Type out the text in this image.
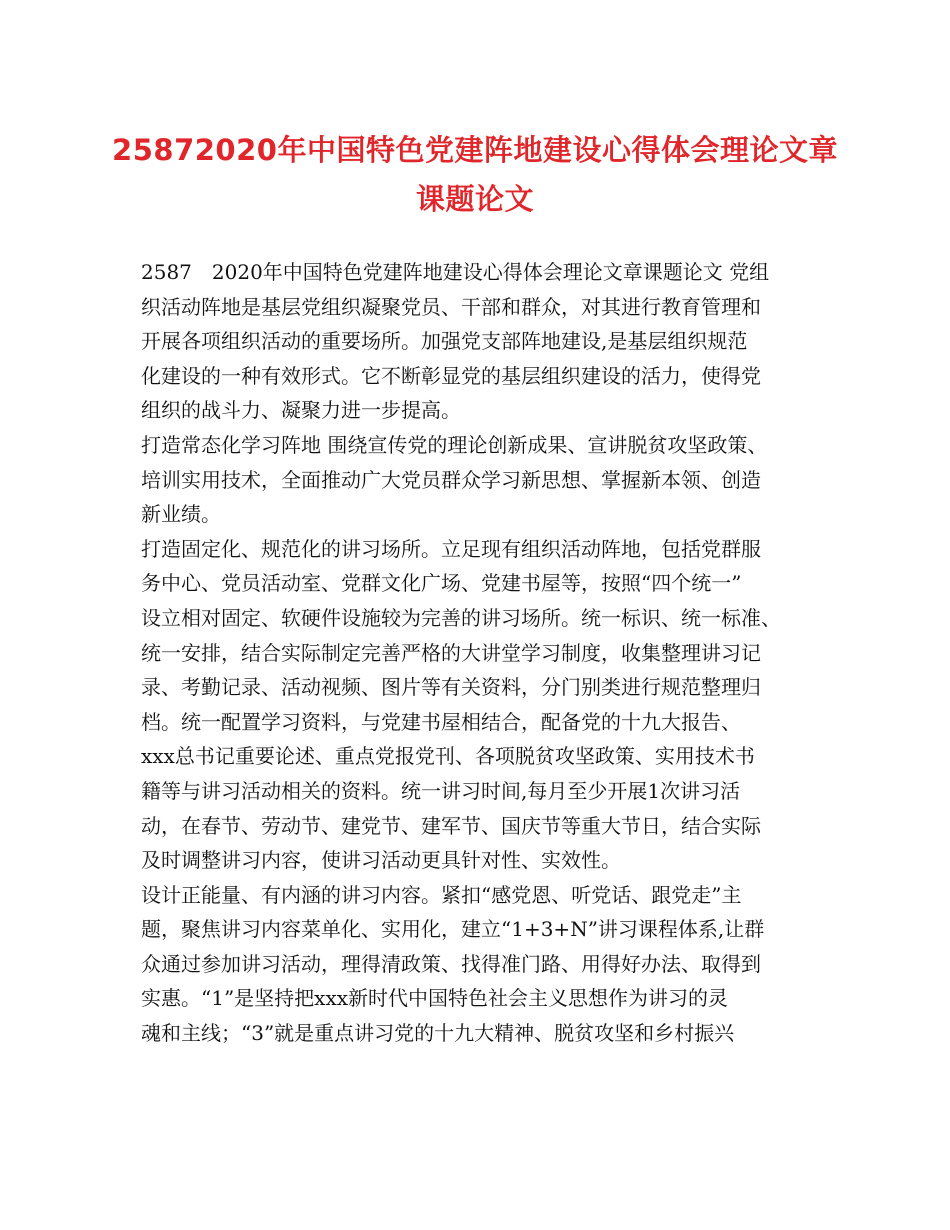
25872020年中国特色党建阵地建设心得体会理论文章
课题论文
2587　2020年中国特色党建阵地建设心得体会理论文章课题论文 党组
织活动阵地是基层党组织凝聚党员、干部和群众，对其进行教育管理和
开展各项组织活动的重要场所。加强党支部阵地建设,是基层组织规范
化建设的一种有效形式。它不断彰显党的基层组织建设的活力，使得党
组织的战斗力、凝聚力进一步提高。
打造常态化学习阵地 围绕宣传党的理论创新成果、宣讲脱贫攻坚政策、
培训实用技术，全面推动广大党员群众学习新思想、掌握新本领、创造
新业绩。
打造固定化、规范化的讲习场所。立足现有组织活动阵地，包括党群服
务中心、党员活动室、党群文化广场、党建书屋等，按照“四个统一”
设立相对固定、软硬件设施较为完善的讲习场所。统一标识、统一标准、
统一安排，结合实际制定完善严格的大讲堂学习制度，收集整理讲习记
录、考勤记录、活动视频、图片等有关资料，分门别类进行规范整理归
档。统一配置学习资料，与党建书屋相结合，配备党的十九大报告、
xxx总书记重要论述、重点党报党刊、各项脱贫攻坚政策、实用技术书
籍等与讲习活动相关的资料。统一讲习时间,每月至少开展1次讲习活
动，在春节、劳动节、建党节、建军节、国庆节等重大节日，结合实际
及时调整讲习内容，使讲习活动更具针对性、实效性。
设计正能量、有内涵的讲习内容。紧扣“感党恩、听党话、跟党走”主
题，聚焦讲习内容菜单化、实用化，建立“1+3+N”讲习课程体系,让群
众通过参加讲习活动，理得清政策、找得准门路、用得好办法、取得到
实惠。“1”是坚持把xxx新时代中国特色社会主义思想作为讲习的灵
魂和主线；“3”就是重点讲习党的十九大精神、脱贫攻坚和乡村振兴
